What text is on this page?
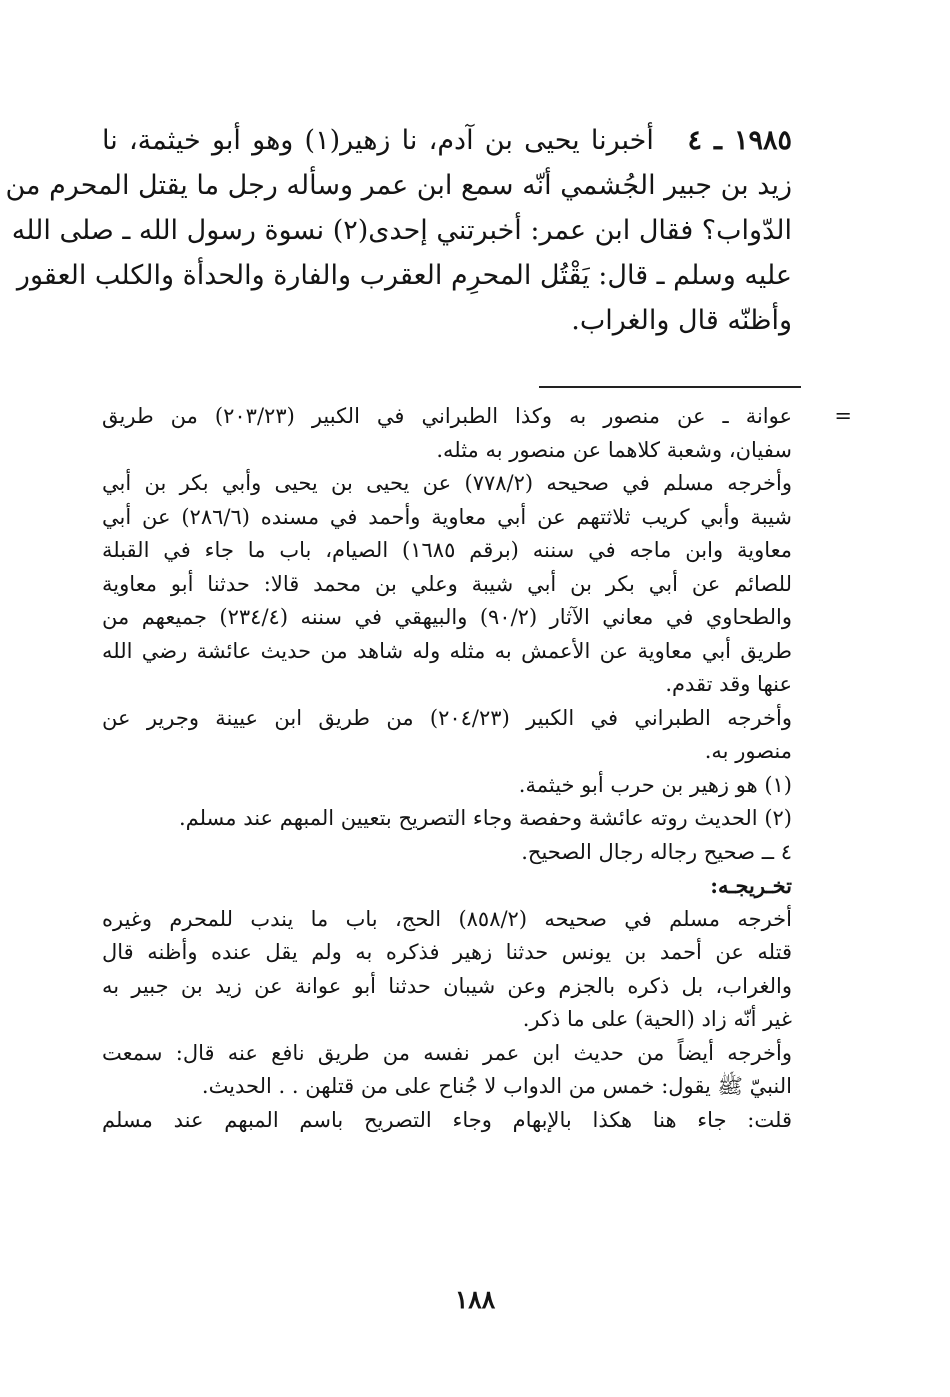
١٩٨٥ ـ ٤   أخبرنا يحيى بن آدم، نا زهير(١) وهو أبو خيثمة، نا
زيد بن جبير الجُشمي أنّه سمع ابن عمر وسأله رجل ما يقتل المحرم من
الدّواب؟ فقال ابن عمر: أخبرتني إحدى(٢) نسوة رسول الله ـ صلى الله
عليه وسلم ـ قال: يَقْتُل المحرِم العقرب والفارة والحدأة والكلب العقور
وأظنّه قال والغراب.
=
عوانة ـ عن منصور به وكذا الطبراني في الكبير (٢٠٣/٢٣) من طريق
سفيان، وشعبة كلاهما عن منصور به مثله.
وأخرجه مسلم في صحيحه (٧٧٨/٢) عن يحيى بن يحيى وأبي بكر بن أبي
شيبة وأبي كريب ثلاثتهم عن أبي معاوية وأحمد في مسنده (٢٨٦/٦) عن أبي
معاوية وابن ماجه في سننه (برقم ١٦٨٥) الصيام، باب ما جاء في القبلة
للصائم عن أبي بكر بن أبي شيبة وعلي بن محمد قالا: حدثنا أبو معاوية
والطحاوي في معاني الآثار (٩٠/٢) والبيهقي في سننه (٢٣٤/٤) جميعهم من
طريق أبي معاوية عن الأعمش به مثله وله شاهد من حديث عائشة رضي الله
عنها وقد تقدم.
وأخرجه الطبراني في الكبير (٢٠٤/٢٣) من طريق ابن عيينة وجرير عن
منصور به.
(١) هو زهير بن حرب أبو خيثمة.
(٢) الحديث روته عائشة وحفصة وجاء التصريح بتعيين المبهم عند مسلم.
٤ ــ صحيح رجاله رجال الصحيح.
تخـريجـه:
أخرجه مسلم في صحيحه (٨٥٨/٢) الحج، باب ما يندب للمحرم وغيره
قتله عن أحمد بن يونس حدثنا زهير فذكره به ولم يقل عنده وأظنه قال
والغراب، بل ذكره بالجزم وعن شيبان حدثنا أبو عوانة عن زيد بن جبير به
غير أنّه زاد (الحية) على ما ذكر.
وأخرجه أيضاً من حديث ابن عمر نفسه من طريق نافع عنه قال: سمعت
النبيّ ﷺ يقول: خمس من الدواب لا جُناح على من قتلهن . . الحديث.
قلت: جاء هنا هكذا بالإبهام وجاء التصريح باسم المبهم عند مسلم
١٨٨
